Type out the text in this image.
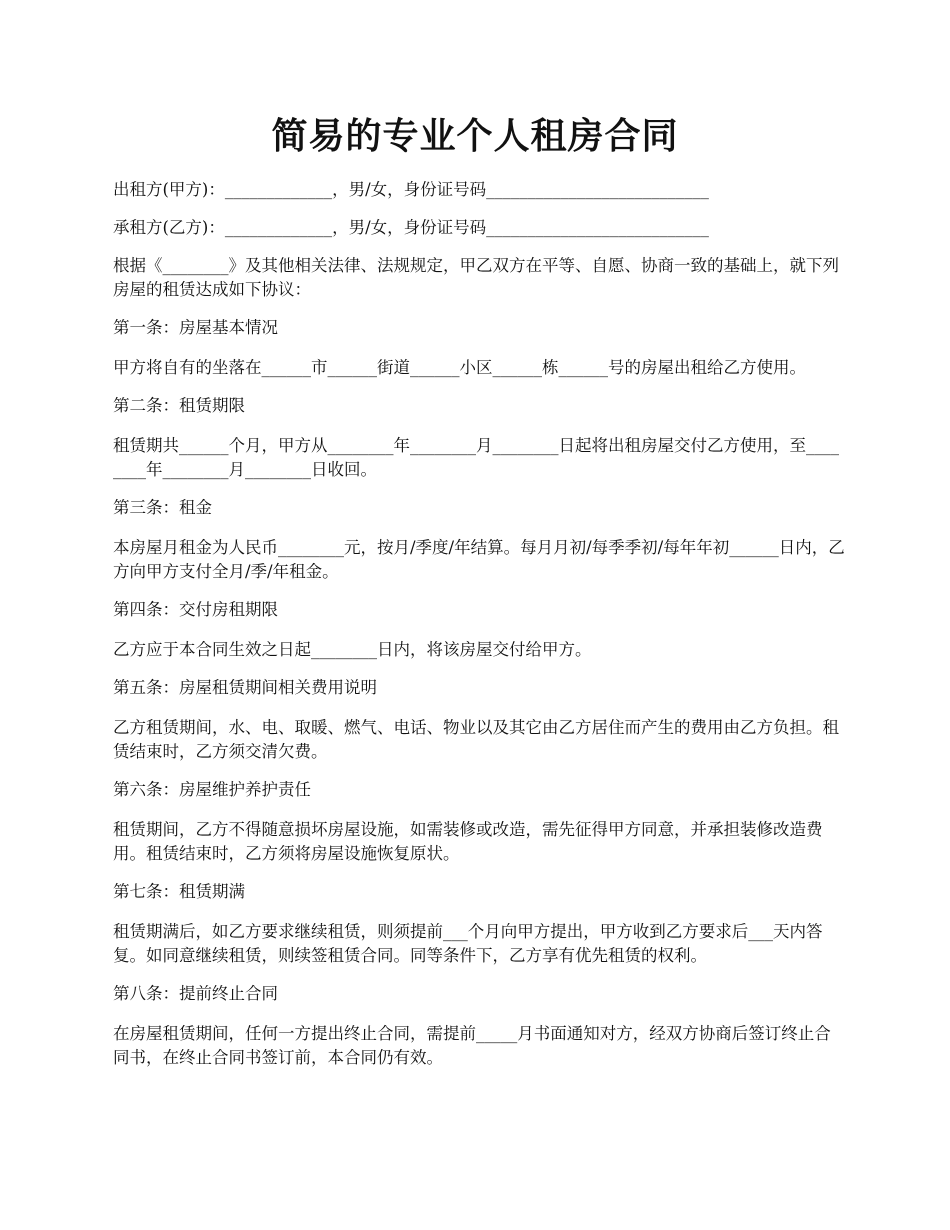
简易的专业个人租房合同

出租方(甲方)：_____________，男/女，身份证号码___________________________

承租方(乙方)：_____________，男/女，身份证号码___________________________

根据《________》及其他相关法律、法规规定，甲乙双方在平等、自愿、协商一致的基础上，就下列房屋的租赁达成如下协议：

第一条：房屋基本情况

甲方将自有的坐落在______市______街道______小区______栋______号的房屋出租给乙方使用。

第二条：租赁期限

租赁期共______个月，甲方从________年________月________日起将出租房屋交付乙方使用，至________年________月________日收回。

第三条：租金

本房屋月租金为人民币________元，按月/季度/年结算。每月月初/每季季初/每年年初______日内，乙方向甲方支付全月/季/年租金。

第四条：交付房租期限

乙方应于本合同生效之日起________日内，将该房屋交付给甲方。

第五条：房屋租赁期间相关费用说明

乙方租赁期间，水、电、取暖、燃气、电话、物业以及其它由乙方居住而产生的费用由乙方负担。租赁结束时，乙方须交清欠费。

第六条：房屋维护养护责任

租赁期间，乙方不得随意损坏房屋设施，如需装修或改造，需先征得甲方同意，并承担装修改造费用。租赁结束时，乙方须将房屋设施恢复原状。

第七条：租赁期满

租赁期满后，如乙方要求继续租赁，则须提前___个月向甲方提出，甲方收到乙方要求后___天内答复。如同意继续租赁，则续签租赁合同。同等条件下，乙方享有优先租赁的权利。

第八条：提前终止合同

在房屋租赁期间，任何一方提出终止合同，需提前_____月书面通知对方，经双方协商后签订终止合同书，在终止合同书签订前，本合同仍有效。
